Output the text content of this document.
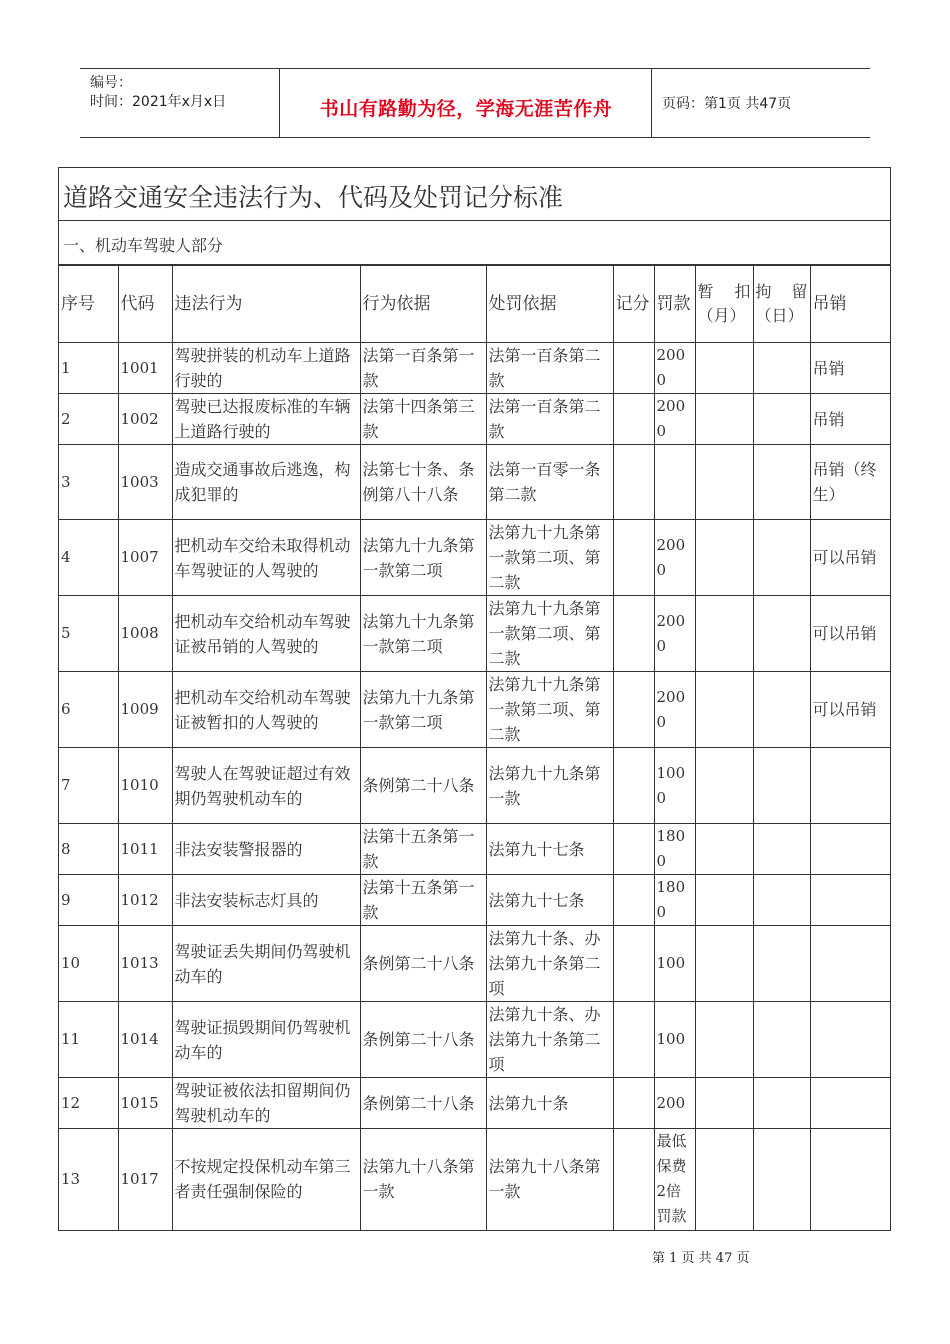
编号：
时间：2021年x月x日	书山有路勤为径，学海无涯苦作舟	页码：第1页 共47页
道路交通安全违法行为、代码及处罚记分标准
一、机动车驾驶人部分
序号	代码	违法行为	行为依据	处罚依据	记分	罚款	暂扣（月）	拘留（日）	吊销
1	1001	驾驶拼装的机动车上道路行驶的	法第一百条第一款	法第一百条第二款		2000			吊销
2	1002	驾驶已达报废标准的车辆上道路行驶的	法第十四条第三款	法第一百条第二款		2000			吊销
3	1003	造成交通事故后逃逸，构成犯罪的	法第七十条、条例第八十八条	法第一百零一条第二款					吊销（终生）
4	1007	把机动车交给未取得机动车驾驶证的人驾驶的	法第九十九条第一款第二项	法第九十九条第一款第二项、第二款		2000			可以吊销
5	1008	把机动车交给机动车驾驶证被吊销的人驾驶的	法第九十九条第一款第二项	法第九十九条第一款第二项、第二款		2000			可以吊销
6	1009	把机动车交给机动车驾驶证被暂扣的人驾驶的	法第九十九条第一款第二项	法第九十九条第一款第二项、第二款		2000			可以吊销
7	1010	驾驶人在驾驶证超过有效期仍驾驶机动车的	条例第二十八条	法第九十九条第一款		1000			
8	1011	非法安装警报器的	法第十五条第一款	法第九十七条		1800			
9	1012	非法安装标志灯具的	法第十五条第一款	法第九十七条		1800			
10	1013	驾驶证丢失期间仍驾驶机动车的	条例第二十八条	法第九十条、办法第九十条第二项		100			
11	1014	驾驶证损毁期间仍驾驶机动车的	条例第二十八条	法第九十条、办法第九十条第二项		100			
12	1015	驾驶证被依法扣留期间仍驾驶机动车的	条例第二十八条	法第九十条		200			
13	1017	不按规定投保机动车第三者责任强制保险的	法第九十八条第一款	法第九十八条第一款		最低保费2倍罚款			
第 1 页 共 47 页
